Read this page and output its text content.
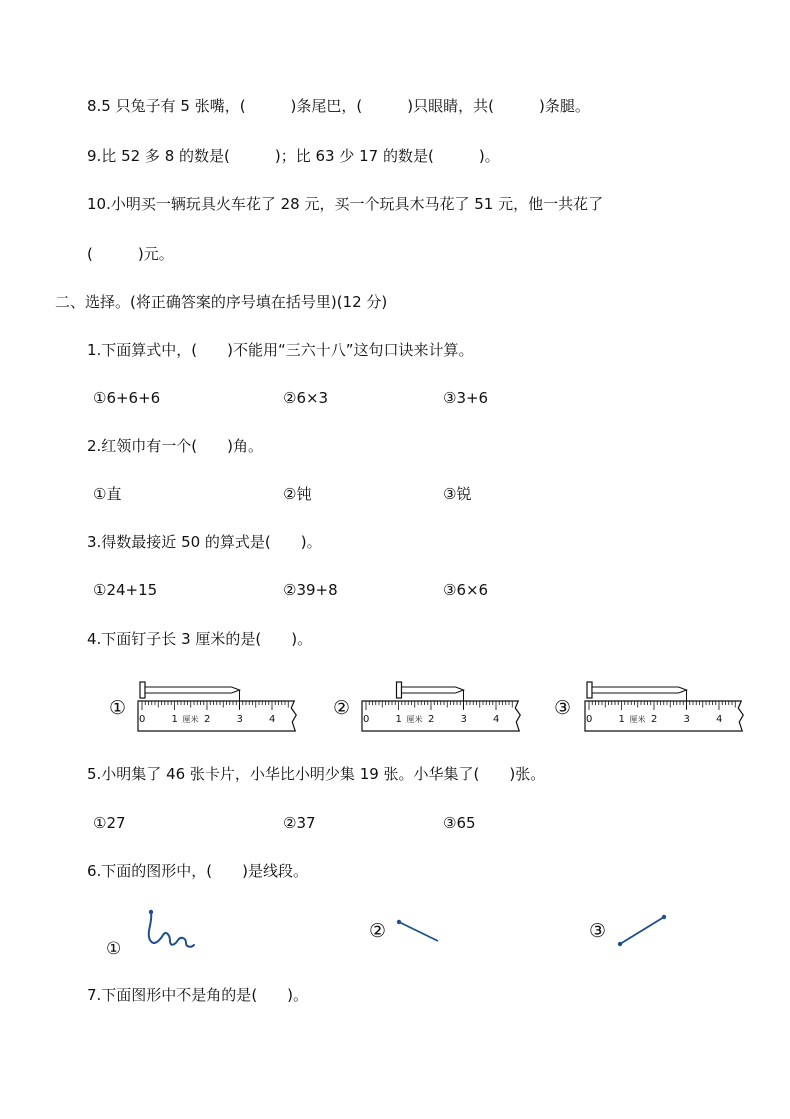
8.5 只兔子有 5 张嘴，(　　　)条尾巴，(　　　)只眼睛，共(　　　)条腿。
9.比 52 多 8 的数是(　　　)；比 63 少 17 的数是(　　　)。
10.小明买一辆玩具火车花了 28 元，买一个玩具木马花了 51 元，他一共花了
(　　　)元。
二、选择。(将正确答案的序号填在括号里)(12 分)
1.下面算式中，(　　)不能用“三六十八”这句口诀来计算。
①6+6+6	②6×3	③3+6
2.红领巾有一个(　　)角。
①直	②钝	③锐
3.得数最接近 50 的算式是(　　)。
①24+15	②39+8	③6×6
4.下面钉子长 3 厘米的是(　　)。
①
0	1	2	3	4
厘米
②
0	1	2	3	4
厘米
③
0	1	2	3	4
厘米
5.小明集了 46 张卡片，小华比小明少集 19 张。小华集了(　　)张。
①27	②37	③65
6.下面的图形中，(　　)是线段。
①
②	③
7.下面图形中不是角的是(　　)。
